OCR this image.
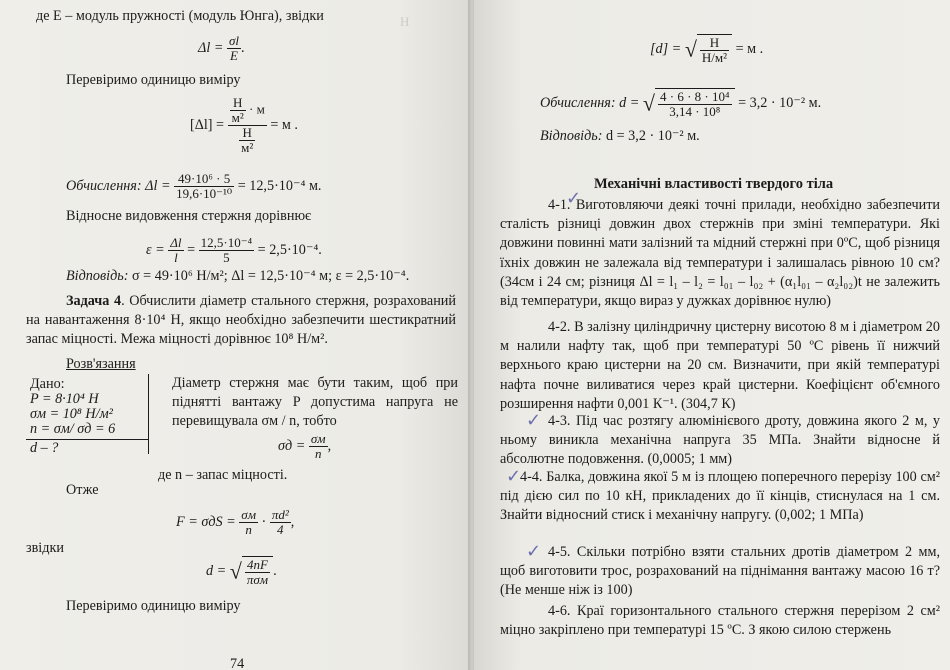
Н
де E – модуль пружності (модуль Юнга), звідки
$\Delta l = \frac{\sigma l}{E}$ .
Перевіримо одиницю виміру
$[\Delta l] = \frac{\frac{H}{\text{м²}} \cdot м}{\frac{H}{\text{м²}}} = м$ .
Обчислення: $\Delta l = \frac{\text{49·10⁶ · 5}}{\text{19,6·10⁻¹⁰}} = 12,5\cdot 10^{-4}$ м.
Відносне видовження стержня дорівнює
$\varepsilon = \frac{\Delta l}{l} = \frac{\text{12,5·10⁻⁴}}{5} = 2,5\cdot 10^{-4}$.
Відповідь: σ = 49·10⁶ Н/м²; Δl = 12,5·10⁻⁴ м; ε = 2,5·10⁻⁴.
Задача 4. Обчислити діаметр стального стержня, розрахований на навантаження 8·10⁴ Н, якщо необхідно забезпечити шестикратний запас міцності. Межа міцності дорівнює 10⁸ Н/м².
Розв'язання
Дано:
P = 8·10⁴ Н
σм = 10⁸ Н/м²
n = σм/ σд = 6
d – ?
Діаметр стержня має бути таким, щоб при піднятті вантажу P допустима напруга не перевищувала σм / n, тобто
$\sigma д = \frac{\sigma м}{n}$ ,
де n – запас міцності.
Отже
$F = \sigma дS = \frac{\sigma м}{n} \cdot \frac{\text{πd²}}{4}$ ,
звідки
d = √ $\frac{4nF}{\text{πσм}}$ .
Перевіримо одиницю виміру
74
[d] = √ $\frac{H}{\text{H/м²}} = м$ .
Обчислення: d = √ $\frac{\text{4 · 6 · 8 · 10⁴}}{\text{3,14 · 10⁸}} = 3,2 \cdot 10^{-2}$ м.
Відповідь: d = 3,2 · 10⁻² м.
Механічні властивості твердого тіла
✓
4-1. Виготовляючи деякі точні прилади, необхідно забезпечити сталість різниці довжин двох стержнів при зміні температури. Які довжини повинні мати залізний та мідний стержні при 0ºС, щоб різниця їхніх довжин не залежала від температури і залишалась рівною 10 см? (34см і 24 см; різниця Δl = l₁ – l₂ = l₀₁ – l₀₂ + (α₁l₀₁ – α₂l₀₂)t не залежить від температури, якщо вираз у дужках дорівнює нулю)
4-2. В залізну циліндричну цистерну висотою 8 м і діаметром 20 м налили нафту так, щоб при температурі 50 ºС рівень її нижчий верхнього краю цистерни на 20 см. Визначити, при якій температурі нафта почне виливатися через край цистерни. Коефіцієнт об'ємного розширення нафти 0,001 К⁻¹. (304,7 К)
✓ 4-3. Під час розтягу алюмінієвого дроту, довжина якого 2 м, у ньому виникла механічна напруга 35 МПа. Знайти відносне й абсолютне подовження. (0,0005; 1 мм)
✓
4-4. Балка, довжина якої 5 м із площею поперечного перерізу 100 см² під дією сил по 10 кН, прикладених до її кінців, стиснулася на 1 см. Знайти відносний стиск і механічну напругу. (0,002; 1 МПа)
✓ 4-5. Скільки потрібно взяти стальних дротів діаметром 2 мм, щоб виготовити трос, розрахований на піднімання вантажу масою 16 т? (Не менше ніж із 100)
4-6. Краї горизонтального стального стержня перерізом 2 см² міцно закріплено при температурі 15 ºС. З якою силою стержень
